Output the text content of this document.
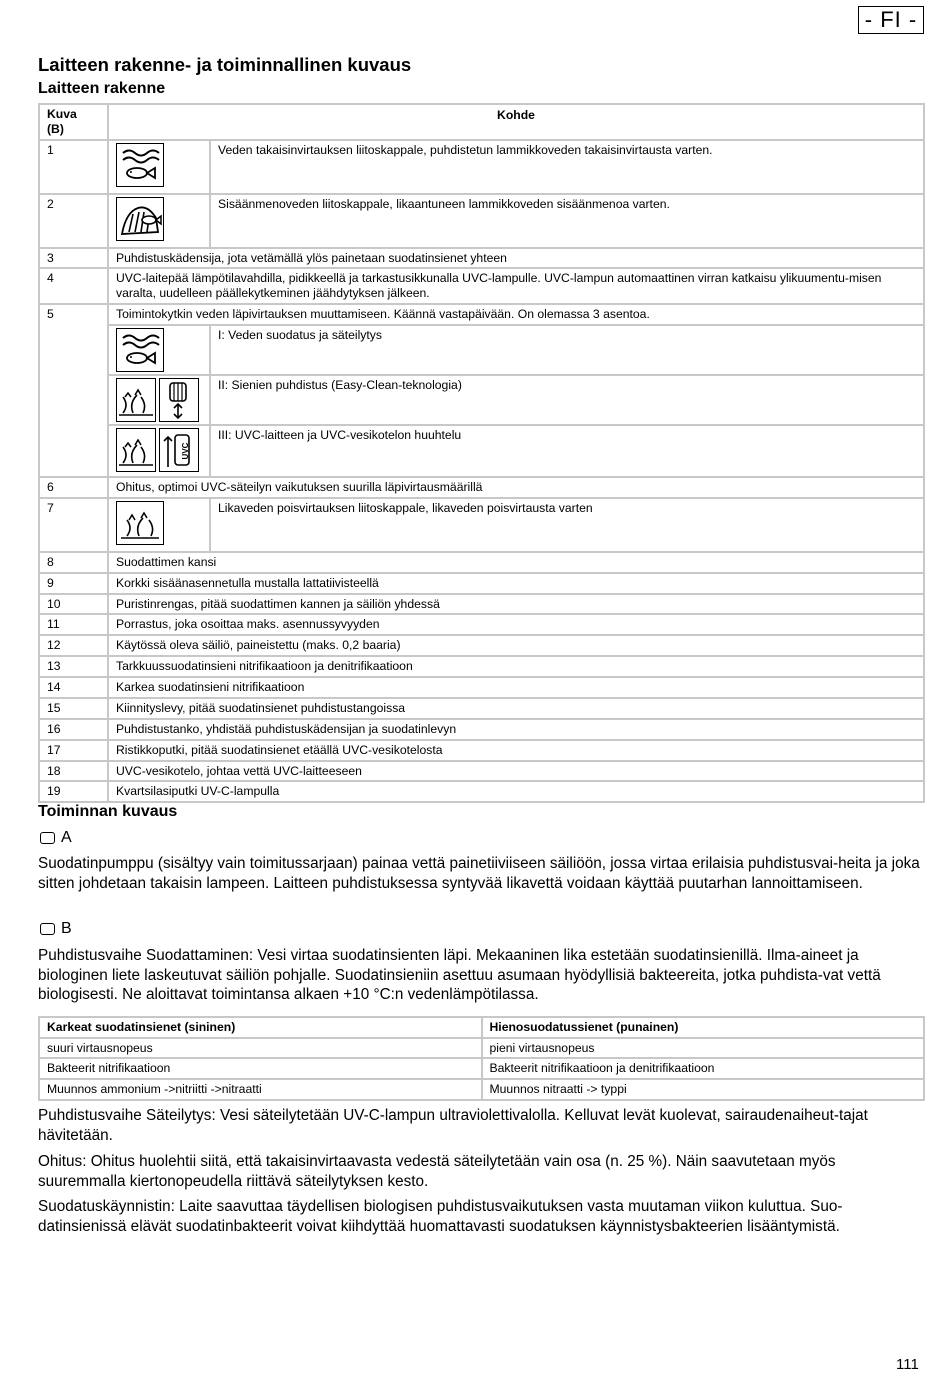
- FI -
Laitteen rakenne- ja toiminnallinen kuvaus
Laitteen rakenne
Kuva
(B)	Kohde	
1		Veden takaisinvirtauksen liitoskappale, puhdistetun lammikkoveden takaisinvirtausta varten.
2		Sisäänmenoveden liitoskappale, likaantuneen lammikkoveden sisäänmenoa varten.
3	Puhdistuskädensija, jota vetämällä ylös painetaan suodatinsienet yhteen	
4	UVC-laitepää lämpötilavahdilla, pidikkeellä ja tarkastusikkunalla UVC-lampulle. UVC-lampun automaattinen virran katkaisu ylikuumentu-misen varalta, uudelleen päällekytkeminen jäähdytyksen jälkeen.	
5	Toimintokytkin veden läpivirtauksen muuttamiseen. Käännä vastapäivään. On olemassa 3 asentoa.
I: Veden suodatus ja säteilytys

II: Sienien puhdistus (Easy-Clean-teknologia)

UVC
III: UVC-laitteen ja UVC-vesikotelon huuhtelu	

6	Ohitus, optimoi UVC-säteilyn vaikutuksen suurilla läpivirtausmäärillä	
7		Likaveden poisvirtauksen liitoskappale, likaveden poisvirtausta varten
8	Suodattimen kansi	
9	Korkki sisäänasennetulla mustalla lattatiivisteellä	
10	Puristinrengas, pitää suodattimen kannen ja säiliön yhdessä	
11	Porrastus, joka osoittaa maks. asennussyvyyden	
12	Käytössä oleva säiliö, paineistettu (maks. 0,2 baaria)	
13	Tarkkuussuodatinsieni nitrifikaatioon ja denitrifikaatioon	
14	Karkea suodatinsieni nitrifikaatioon	
15	Kiinnityslevy, pitää suodatinsienet puhdistustangoissa	
16	Puhdistustanko, yhdistää puhdistuskädensijan ja suodatinlevyn	
17	Ristikkoputki, pitää suodatinsienet etäällä UVC-vesikotelosta	
18	UVC-vesikotelo, johtaa vettä UVC-laitteeseen	
19	Kvartsilasiputki UV-C-lampulla	
Toiminnan kuvaus
A
Suodatinpumppu (sisältyy vain toimitussarjaan) painaa vettä painetiiviiseen säiliöön, jossa virtaa erilaisia puhdistusvai-heita ja joka sitten johdetaan takaisin lampeen. Laitteen puhdistuksessa syntyvää likavettä voidaan käyttää puutarhan lannoittamiseen.
B
Puhdistusvaihe Suodattaminen: Vesi virtaa suodatinsienten läpi. Mekaaninen lika estetään suodatinsienillä. Ilma-aineet ja biologinen liete laskeutuvat säiliön pohjalle. Suodatinsieniin asettuu asumaan hyödyllisiä bakteereita, jotka puhdista-vat vettä biologisesti. Ne aloittavat toimintansa alkaen +10 °C:n vedenlämpötilassa.
Karkeat suodatinsienet (sininen)	Hienosuodatussienet (punainen)
suuri virtausnopeus	pieni virtausnopeus
Bakteerit nitrifikaatioon	Bakteerit nitrifikaatioon ja denitrifikaatioon
Muunnos ammonium ->nitriitti ->nitraatti	Muunnos nitraatti -> typpi
Puhdistusvaihe Säteilytys: Vesi säteilytetään UV-C-lampun ultraviolettivalolla. Kelluvat levät kuolevat, sairaudenaiheut-tajat hävitetään.
Ohitus: Ohitus huolehtii siitä, että takaisinvirtaavasta vedestä säteilytetään vain osa (n. 25 %). Näin saavutetaan myös suuremmalla kiertonopeudella riittävä säteilytyksen kesto.
Suodatuskäynnistin: Laite saavuttaa täydellisen biologisen puhdistusvaikutuksen vasta muutaman viikon kuluttua. Suo-datinsienissä elävät suodatinbakteerit voivat kiihdyttää huomattavasti suodatuksen käynnistysbakteerien lisääntymistä.
111
